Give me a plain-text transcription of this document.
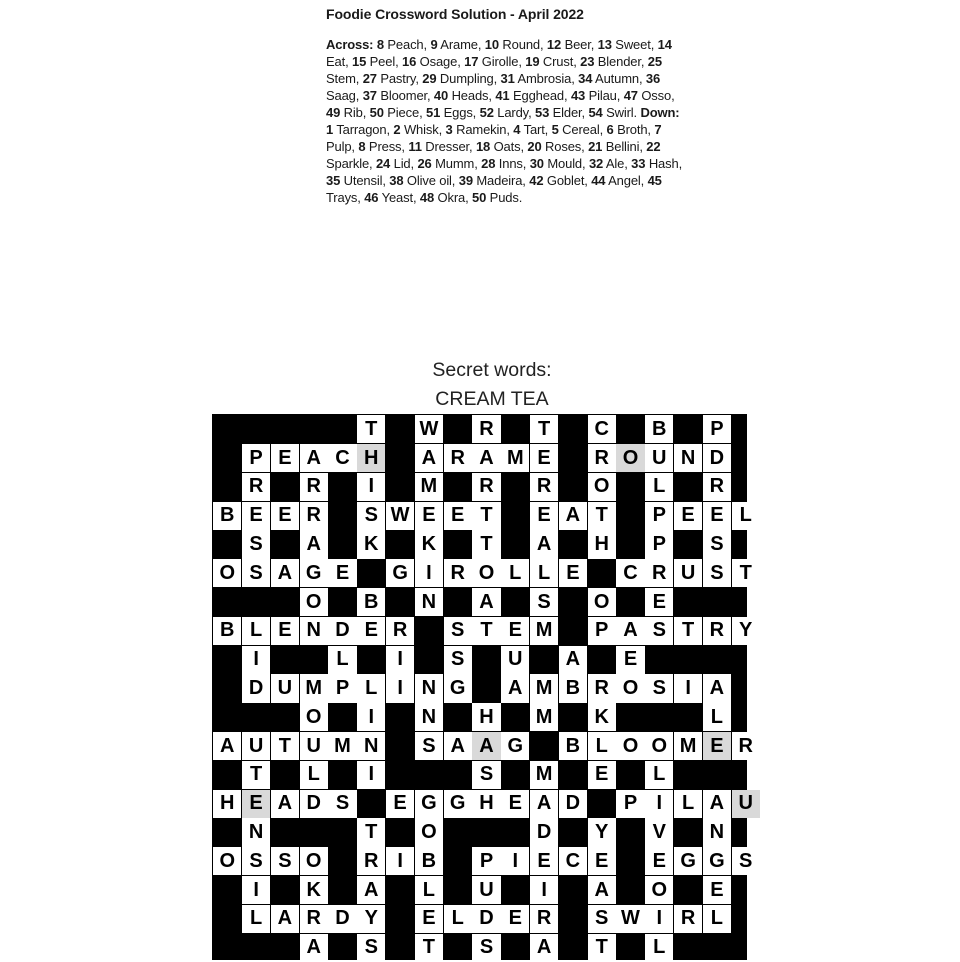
Foodie Crossword Solution - April 2022
Across: 8 Peach, 9 Arame, 10 Round, 12 Beer, 13 Sweet, 14 Eat, 15 Peel, 16 Osage, 17 Girolle, 19 Crust, 23 Blender, 25 Stem, 27 Pastry, 29 Dumpling, 31 Ambrosia, 34 Autumn, 36 Saag, 37 Bloomer, 40 Heads, 41 Egghead, 43 Pilau, 47 Osso, 49 Rib, 50 Piece, 51 Eggs, 52 Lardy, 53 Elder, 54 Swirl. Down: 1 Tarragon, 2 Whisk, 3 Ramekin, 4 Tart, 5 Cereal, 6 Broth, 7 Pulp, 8 Press, 11 Dresser, 18 Oats, 20 Roses, 21 Bellini, 22 Sparkle, 24 Lid, 26 Mumm, 28 Inns, 30 Mould, 32 Ale, 33 Hash, 35 Utensil, 38 Olive oil, 39 Madeira, 42 Goblet, 44 Angel, 45 Trays, 46 Yeast, 48 Okra, 50 Puds.
Secret words:
CREAM TEA
T	W	R	T	C	B	P
P E A C H	A R A M E	R O U N D
R	R	I	M	R	R	O	L	R
B E E R	S W E E T	E A T	P E E L
S	A	K	K	T	A	H	P	S
O S A G E	G I R O L L E	C R U S T
O	B	N	A	S	O	E
B L E N D E R	S T E M	P A S T R Y
I	L	I	S	U	A	E
D U M P L I N G	A M B R O S I A
O	I	N	H	M	K	L
A U T U M N	S A A G	B L O O M E R
T	L	I	S	M	E	L
H E A D S	E G G H E A D	P I L A U
N	T	O	D	Y	V	N
O S S O	R I B	P I E C E	E G G S
I	K	A	L	U	I	A	O	E
L A R D Y	E L D E R	S W I R L
A	S	T	S	A	T	L
